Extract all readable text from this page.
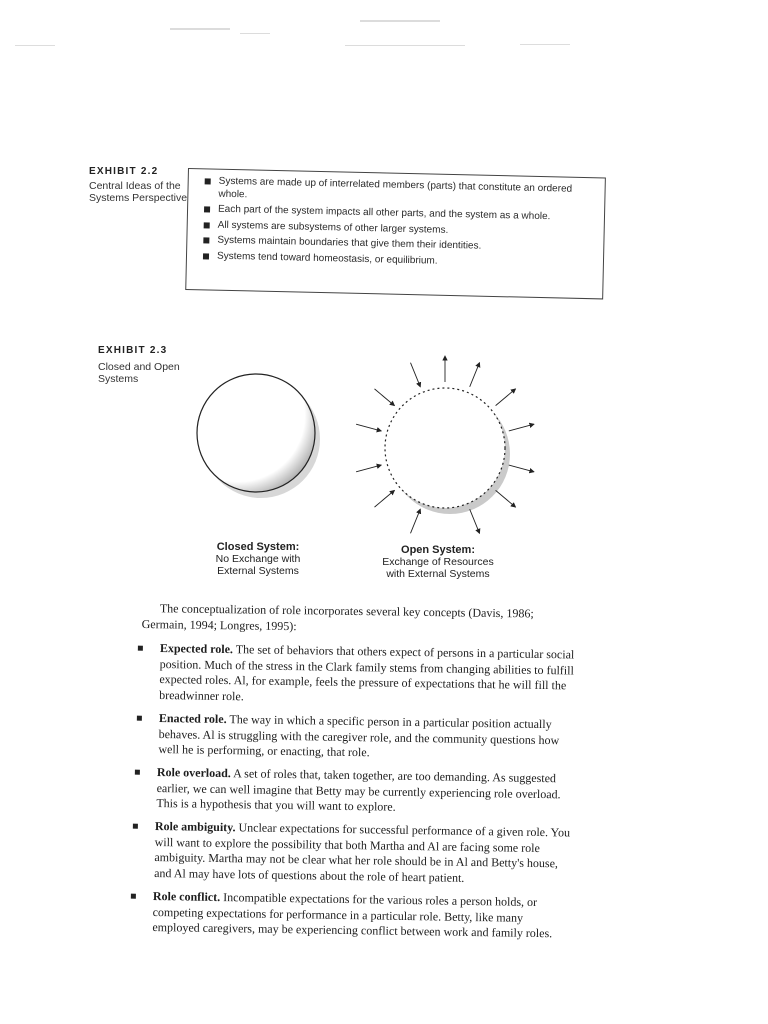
EXHIBIT 2.2
Central Ideas of the
Systems Perspective
Systems are made up of interrelated members (parts) that constitute an ordered whole.
Each part of the system impacts all other parts, and the system as a whole.
All systems are subsystems of other larger systems.
Systems maintain boundaries that give them their identities.
Systems tend toward homeostasis, or equilibrium.
EXHIBIT 2.3
Closed and Open
Systems
Closed System:
No Exchange with
External Systems
Open System:
Exchange of Resources
with External Systems
The conceptualization of role incorporates several key concepts (Davis, 1986; Germain, 1994; Longres, 1995):
Expected role. The set of behaviors that others expect of persons in a particular social position. Much of the stress in the Clark family stems from changing abilities to fulfill expected roles. Al, for example, feels the pressure of expectations that he will fill the breadwinner role.
Enacted role. The way in which a specific person in a particular position actually behaves. Al is struggling with the caregiver role, and the community questions how well he is performing, or enacting, that role.
Role overload. A set of roles that, taken together, are too demanding. As suggested earlier, we can well imagine that Betty may be currently experiencing role overload. This is a hypothesis that you will want to explore.
Role ambiguity. Unclear expectations for successful performance of a given role. You will want to explore the possibility that both Martha and Al are facing some role ambiguity. Martha may not be clear what her role should be in Al and Betty's house, and Al may have lots of questions about the role of heart patient.
Role conflict. Incompatible expectations for the various roles a person holds, or competing expectations for performance in a particular role. Betty, like many employed caregivers, may be experiencing conflict between work and family roles.
